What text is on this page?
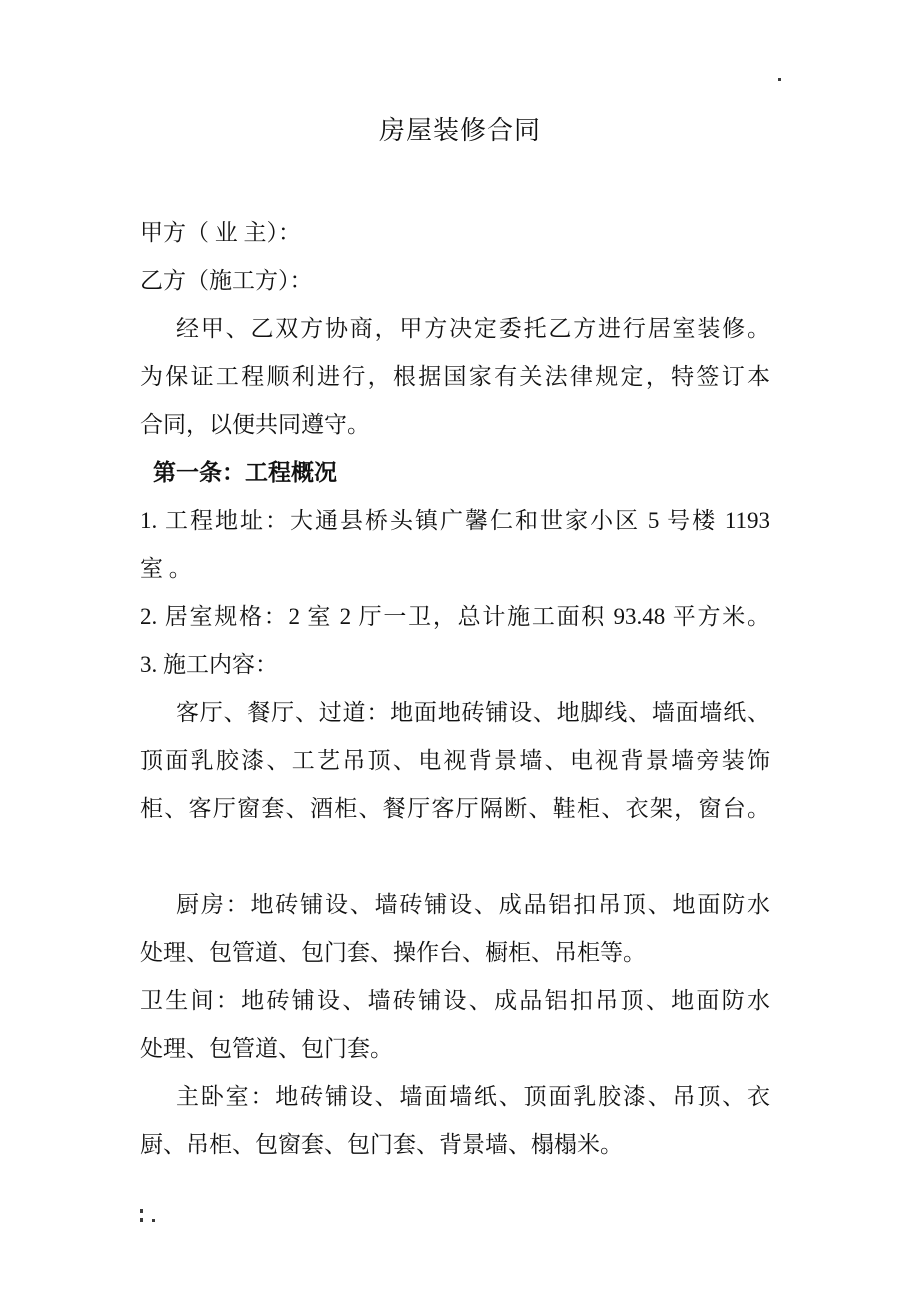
房屋装修合同
甲方（ 业 主）：
乙方（施工方）：
经甲、乙双方协商，甲方决定委托乙方进行居室装修。
为保证工程顺利进行，根据国家有关法律规定，特签订本
合同，以便共同遵守。
第一条：工程概况
1. 工程地址：大通县桥头镇广馨仁和世家小区 5 号楼 1193
室 。
2. 居室规格：2 室 2 厅一卫，总计施工面积 93.48 平方米。
3. 施工内容：
客厅、餐厅、过道：地面地砖铺设、地脚线、墙面墙纸、
顶面乳胶漆、工艺吊顶、电视背景墙、电视背景墙旁装饰
柜、客厅窗套、酒柜、餐厅客厅隔断、鞋柜、衣架，窗台。
厨房：地砖铺设、墙砖铺设、成品铝扣吊顶、地面防水
处理、包管道、包门套、操作台、橱柜、吊柜等。
卫生间：地砖铺设、墙砖铺设、成品铝扣吊顶、地面防水
处理、包管道、包门套。
主卧室：地砖铺设、墙面墙纸、顶面乳胶漆、吊顶、衣
厨、吊柜、包窗套、包门套、背景墙、榻榻米。
